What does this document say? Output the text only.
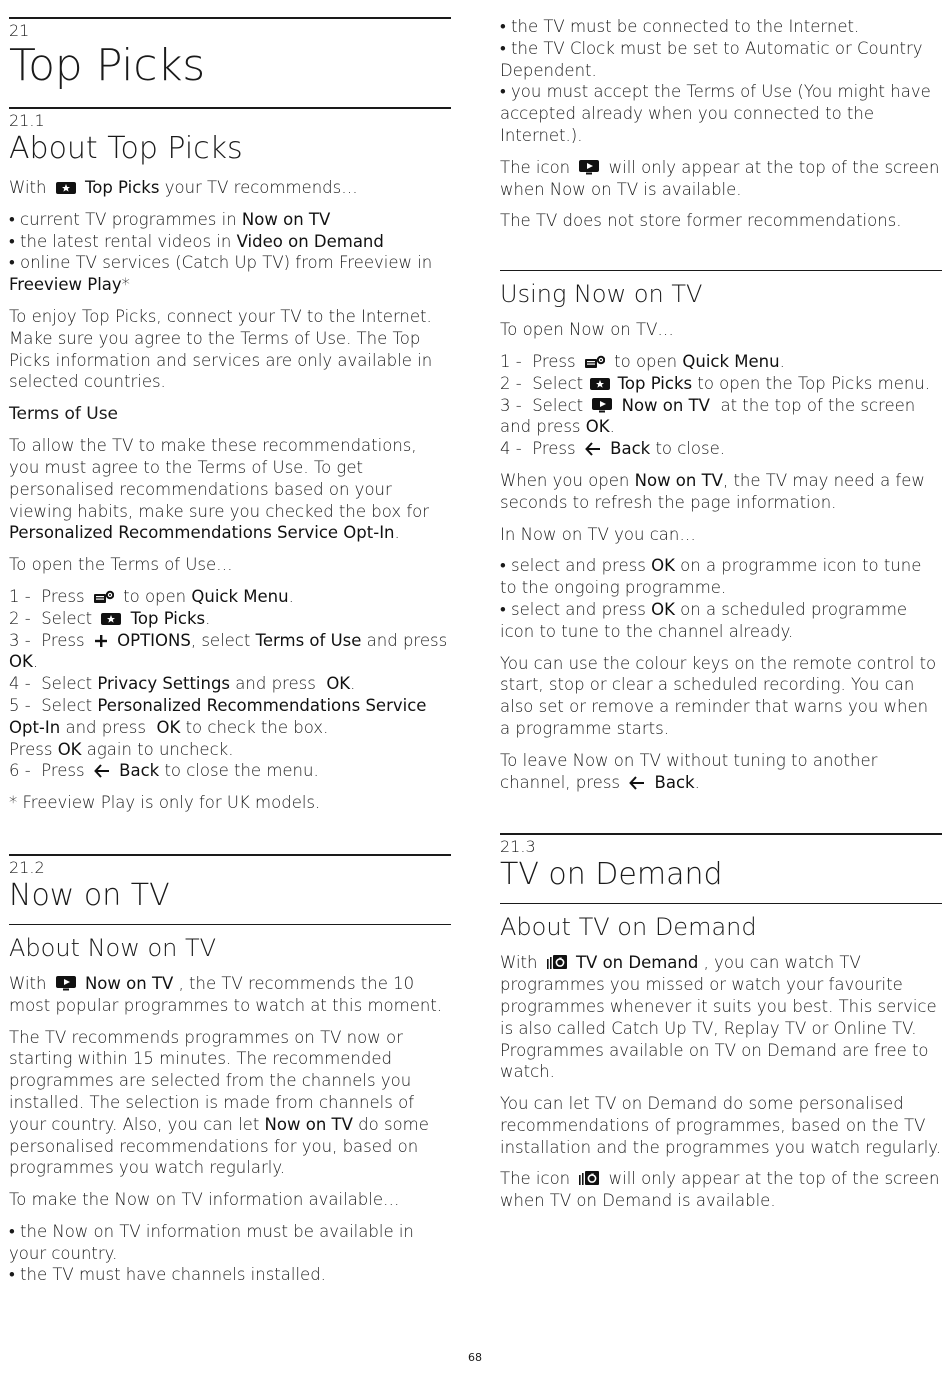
21
Top Picks
21.1
About Top Picks

With Top Picks your TV recommends…

• current TV programmes in Now on TV
• the latest rental videos in Video on Demand
• online TV services (Catch Up TV) from Freeview in Freeview Play*

To enjoy Top Picks, connect your TV to the Internet. Make sure you agree to the Terms of Use. The Top Picks information and services are only available in selected countries.

Terms of Use

To allow the TV to make these recommendations, you must agree to the Terms of Use. To get personalised recommendations based on your viewing habits, make sure you checked the box for Personalized Recommendations Service Opt-In.

To open the Terms of Use…

1 - Press to open Quick Menu.
2 - Select Top Picks.
3 - Press OPTIONS, select Terms of Use and press OK.
4 - Select Privacy Settings and press OK.
5 - Select Personalized Recommendations Service Opt-In and press OK to check the box.
Press OK again to uncheck.
6 - Press Back to close the menu.

* Freeview Play is only for UK models.

21.2
Now on TV
About Now on TV

With Now on TV , the TV recommends the 10 most popular programmes to watch at this moment.

The TV recommends programmes on TV now or starting within 15 minutes. The recommended programmes are selected from the channels you installed. The selection is made from channels of your country. Also, you can let Now on TV do some personalised recommendations for you, based on programmes you watch regularly.

To make the Now on TV information available…

• the Now on TV information must be available in your country.
• the TV must have channels installed.

• the TV must be connected to the Internet.
• the TV Clock must be set to Automatic or Country Dependent.
• you must accept the Terms of Use (You might have accepted already when you connected to the Internet.).

The icon will only appear at the top of the screen when Now on TV is available.

The TV does not store former recommendations.

Using Now on TV

To open Now on TV…

1 - Press to open Quick Menu.
2 - Select Top Picks to open the Top Picks menu.
3 - Select Now on TV at the top of the screen and press OK.
4 - Press Back to close.

When you open Now on TV, the TV may need a few seconds to refresh the page information.

In Now on TV you can…

• select and press OK on a programme icon to tune to the ongoing programme.
• select and press OK on a scheduled programme icon to tune to the channel already.

You can use the colour keys on the remote control to start, stop or clear a scheduled recording. You can also set or remove a reminder that warns you when a programme starts.

To leave Now on TV without tuning to another channel, press Back.

21.3
TV on Demand
About TV on Demand

With TV on Demand , you can watch TV programmes you missed or watch your favourite programmes whenever it suits you best. This service is also called Catch Up TV, Replay TV or Online TV. Programmes available on TV on Demand are free to watch.

You can let TV on Demand do some personalised recommendations of programmes, based on the TV installation and the programmes you watch regularly.

The icon will only appear at the top of the screen when TV on Demand is available.

68
